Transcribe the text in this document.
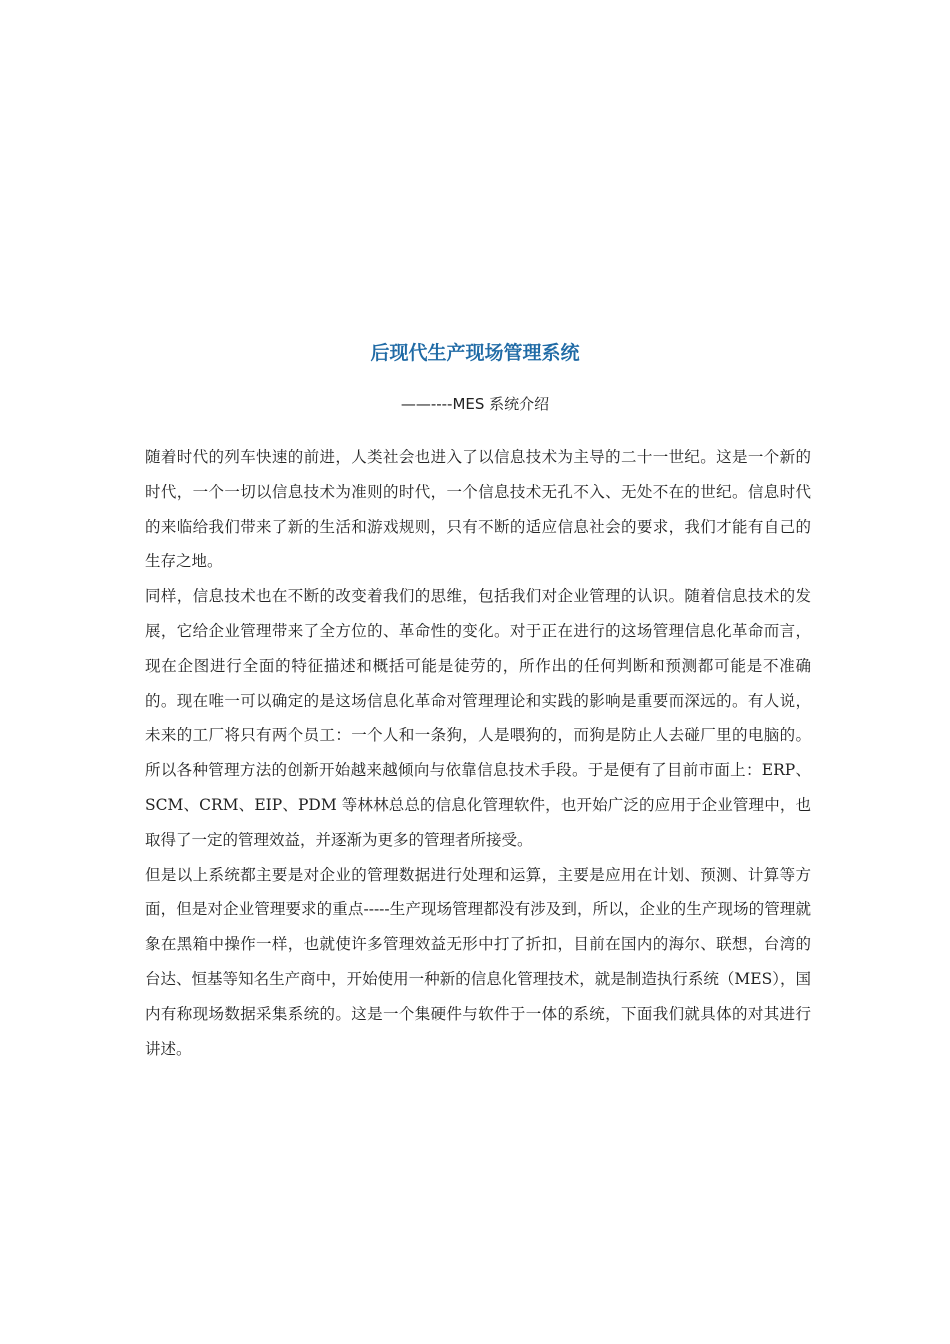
后现代生产现场管理系统
——----MES 系统介绍

随着时代的列车快速的前进，人类社会也进入了以信息技术为主导的二十一世纪。这是一个新的时代，一个一切以信息技术为准则的时代，一个信息技术无孔不入、无处不在的世纪。信息时代的来临给我们带来了新的生活和游戏规则，只有不断的适应信息社会的要求，我们才能有自己的生存之地。

同样，信息技术也在不断的改变着我们的思维，包括我们对企业管理的认识。随着信息技术的发展，它给企业管理带来了全方位的、革命性的变化。对于正在进行的这场管理信息化革命而言，现在企图进行全面的特征描述和概括可能是徒劳的，所作出的任何判断和预测都可能是不准确的。现在唯一可以确定的是这场信息化革命对管理理论和实践的影响是重要而深远的。有人说，未来的工厂将只有两个员工：一个人和一条狗，人是喂狗的，而狗是防止人去碰厂里的电脑的。所以各种管理方法的创新开始越来越倾向与依靠信息技术手段。于是便有了目前市面上：ERP、SCM、CRM、EIP、PDM 等林林总总的信息化管理软件，也开始广泛的应用于企业管理中，也取得了一定的管理效益，并逐渐为更多的管理者所接受。

但是以上系统都主要是对企业的管理数据进行处理和运算，主要是应用在计划、预测、计算等方面，但是对企业管理要求的重点-----生产现场管理都没有涉及到，所以，企业的生产现场的管理就象在黑箱中操作一样，也就使许多管理效益无形中打了折扣，目前在国内的海尔、联想，台湾的台达、恒基等知名生产商中，开始使用一种新的信息化管理技术，就是制造执行系统（MES），国内有称现场数据采集系统的。这是一个集硬件与软件于一体的系统，下面我们就具体的对其进行讲述。
